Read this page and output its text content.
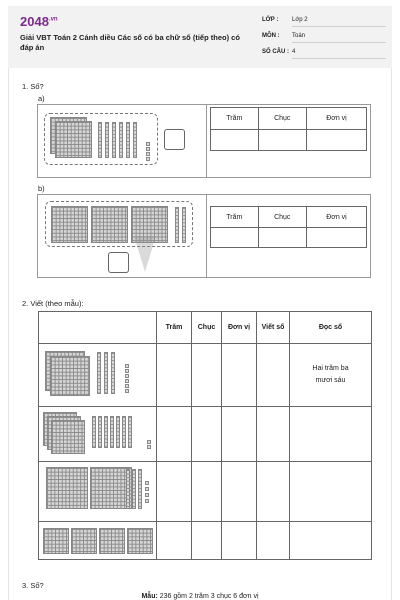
$2048^{.vn}$
Giải VBT Toán 2 Cánh diều Các số có ba chữ số (tiếp theo) có đáp án
LỚP :	Lớp 2
MÔN :	Toán
SỐ CÂU : 4
1. Số?
a)
Trăm	Chục	Đơn vị

b)
Trăm	Chục	Đơn vị

2. Viết (theo mẫu):
	Trăm	Chục	Đơn vị	Viết số	Đọc số
					Hai trăm ba mươi sáu

3. Số?
Mẫu: 236 gồm 2 trăm 3 chục 6 đơn vị
